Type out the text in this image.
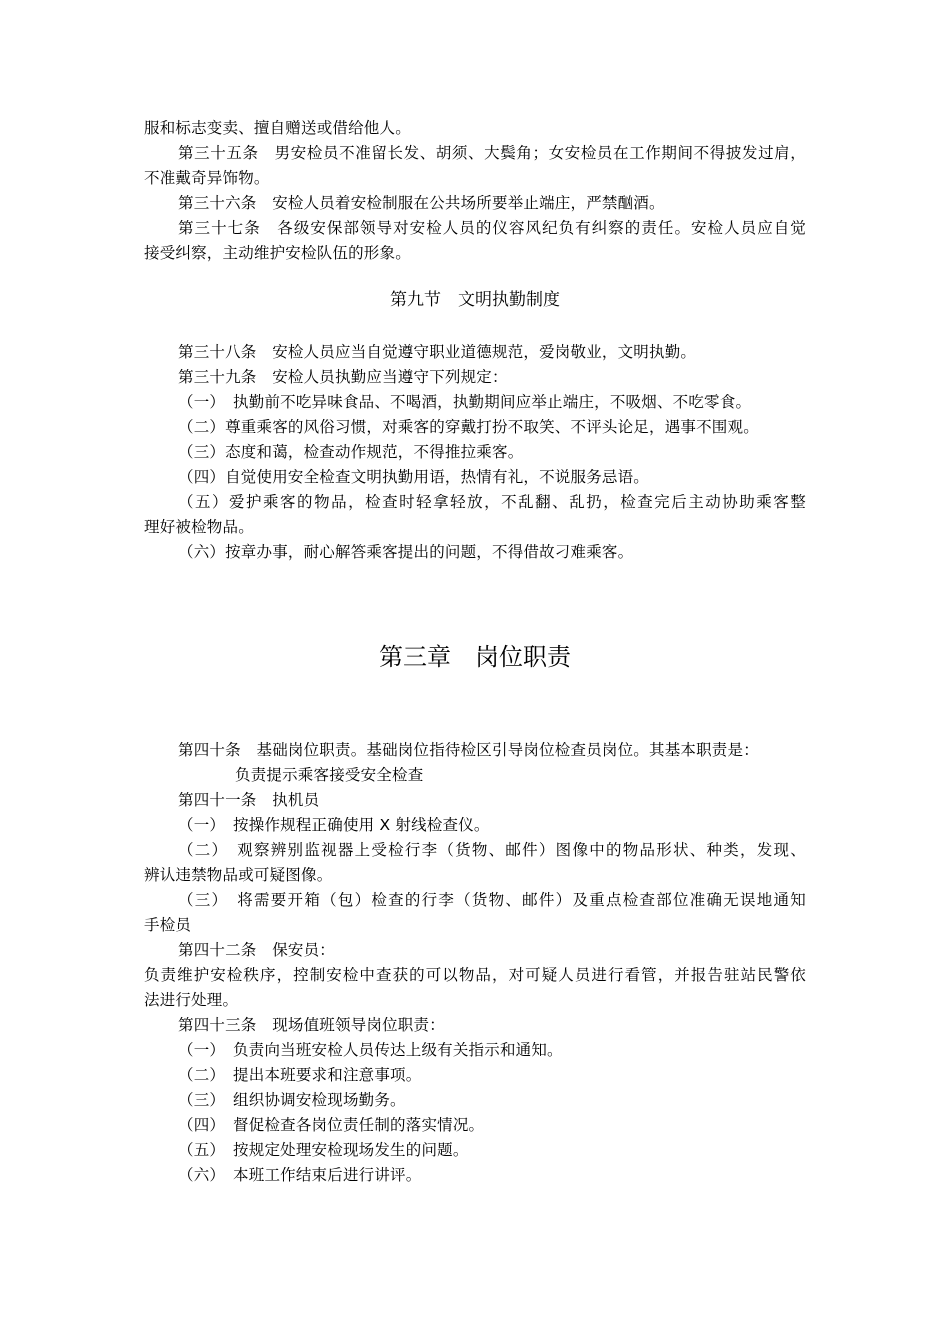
服和标志变卖、擅自赠送或借给他人。
第三十五条　男安检员不准留长发、胡须、大鬓角；女安检员在工作期间不得披发过肩，
不准戴奇异饰物。
第三十六条　安检人员着安检制服在公共场所要举止端庄，严禁酗酒。
第三十七条　各级安保部领导对安检人员的仪容风纪负有纠察的责任。安检人员应自觉
接受纠察，主动维护安检队伍的形象。
第九节　文明执勤制度
第三十八条　安检人员应当自觉遵守职业道德规范，爱岗敬业，文明执勤。
第三十九条　安检人员执勤应当遵守下列规定：
（一）　执勤前不吃异味食品、不喝酒，执勤期间应举止端庄，不吸烟、不吃零食。
（二）尊重乘客的风俗习惯，对乘客的穿戴打扮不取笑、不评头论足，遇事不围观。
（三）态度和蔼，检查动作规范，不得推拉乘客。
（四）自觉使用安全检查文明执勤用语，热情有礼，不说服务忌语。
（五）爱护乘客的物品，检查时轻拿轻放，不乱翻、乱扔，检查完后主动协助乘客整
理好被检物品。
（六）按章办事，耐心解答乘客提出的问题，不得借故刁难乘客。
第三章　岗位职责
第四十条　基础岗位职责。基础岗位指待检区引导岗位检查员岗位。其基本职责是：
负责提示乘客接受安全检查
第四十一条　执机员
（一）　按操作规程正确使用 X 射线检查仪。
（二）　观察辨别监视器上受检行李（货物、邮件）图像中的物品形状、种类，发现、
辨认违禁物品或可疑图像。
（三）　将需要开箱（包）检查的行李（货物、邮件）及重点检查部位准确无误地通知
手检员
第四十二条　保安员：
负责维护安检秩序，控制安检中查获的可以物品，对可疑人员进行看管，并报告驻站民警依
法进行处理。
第四十三条　现场值班领导岗位职责：
（一）　负责向当班安检人员传达上级有关指示和通知。
（二）　提出本班要求和注意事项。
（三）　组织协调安检现场勤务。
（四）　督促检查各岗位责任制的落实情况。
（五）　按规定处理安检现场发生的问题。
（六）　本班工作结束后进行讲评。
